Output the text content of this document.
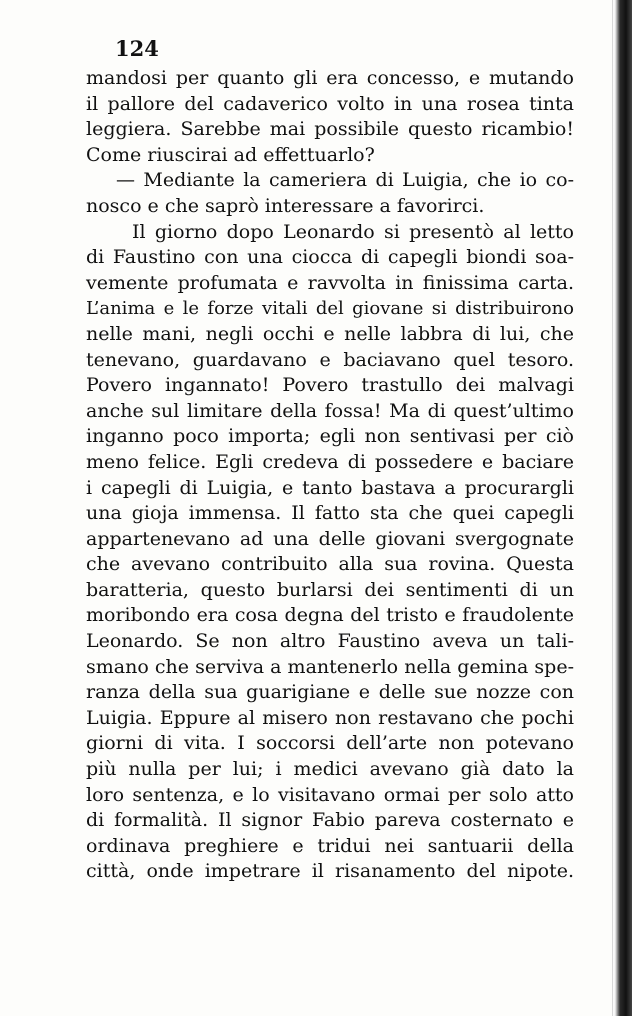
124
mandosi per quanto gli era concesso, e mutando
il pallore del cadaverico volto in una rosea tinta
leggiera. Sarebbe mai possibile questo ricambio!
Come riuscirai ad effettuarlo?
— Mediante la cameriera di Luigia, che io co-
nosco e che saprò interessare a favorirci.
Il giorno dopo Leonardo si presentò al letto
di Faustino con una ciocca di capegli biondi soa-
vemente profumata e ravvolta in finissima carta.
L’anima e le forze vitali del giovane si distribuirono
nelle mani, negli occhi e nelle labbra di lui, che
tenevano, guardavano e baciavano quel tesoro.
Povero ingannato! Povero trastullo dei malvagi
anche sul limitare della fossa! Ma di quest’ultimo
inganno poco importa; egli non sentivasi per ciò
meno felice. Egli credeva di possedere e baciare
i capegli di Luigia, e tanto bastava a procurargli
una gioja immensa. Il fatto sta che quei capegli
appartenevano ad una delle giovani svergognate
che avevano contribuito alla sua rovina. Questa
baratteria, questo burlarsi dei sentimenti di un
moribondo era cosa degna del tristo e fraudolente
Leonardo. Se non altro Faustino aveva un tali-
smano che serviva a mantenerlo nella gemina spe-
ranza della sua guarigiane e delle sue nozze con
Luigia. Eppure al misero non restavano che pochi
giorni di vita. I soccorsi dell’arte non potevano
più nulla per lui; i medici avevano già dato la
loro sentenza, e lo visitavano ormai per solo atto
di formalità. Il signor Fabio pareva costernato e
ordinava preghiere e tridui nei santuarii della
città, onde impetrare il risanamento del nipote.
